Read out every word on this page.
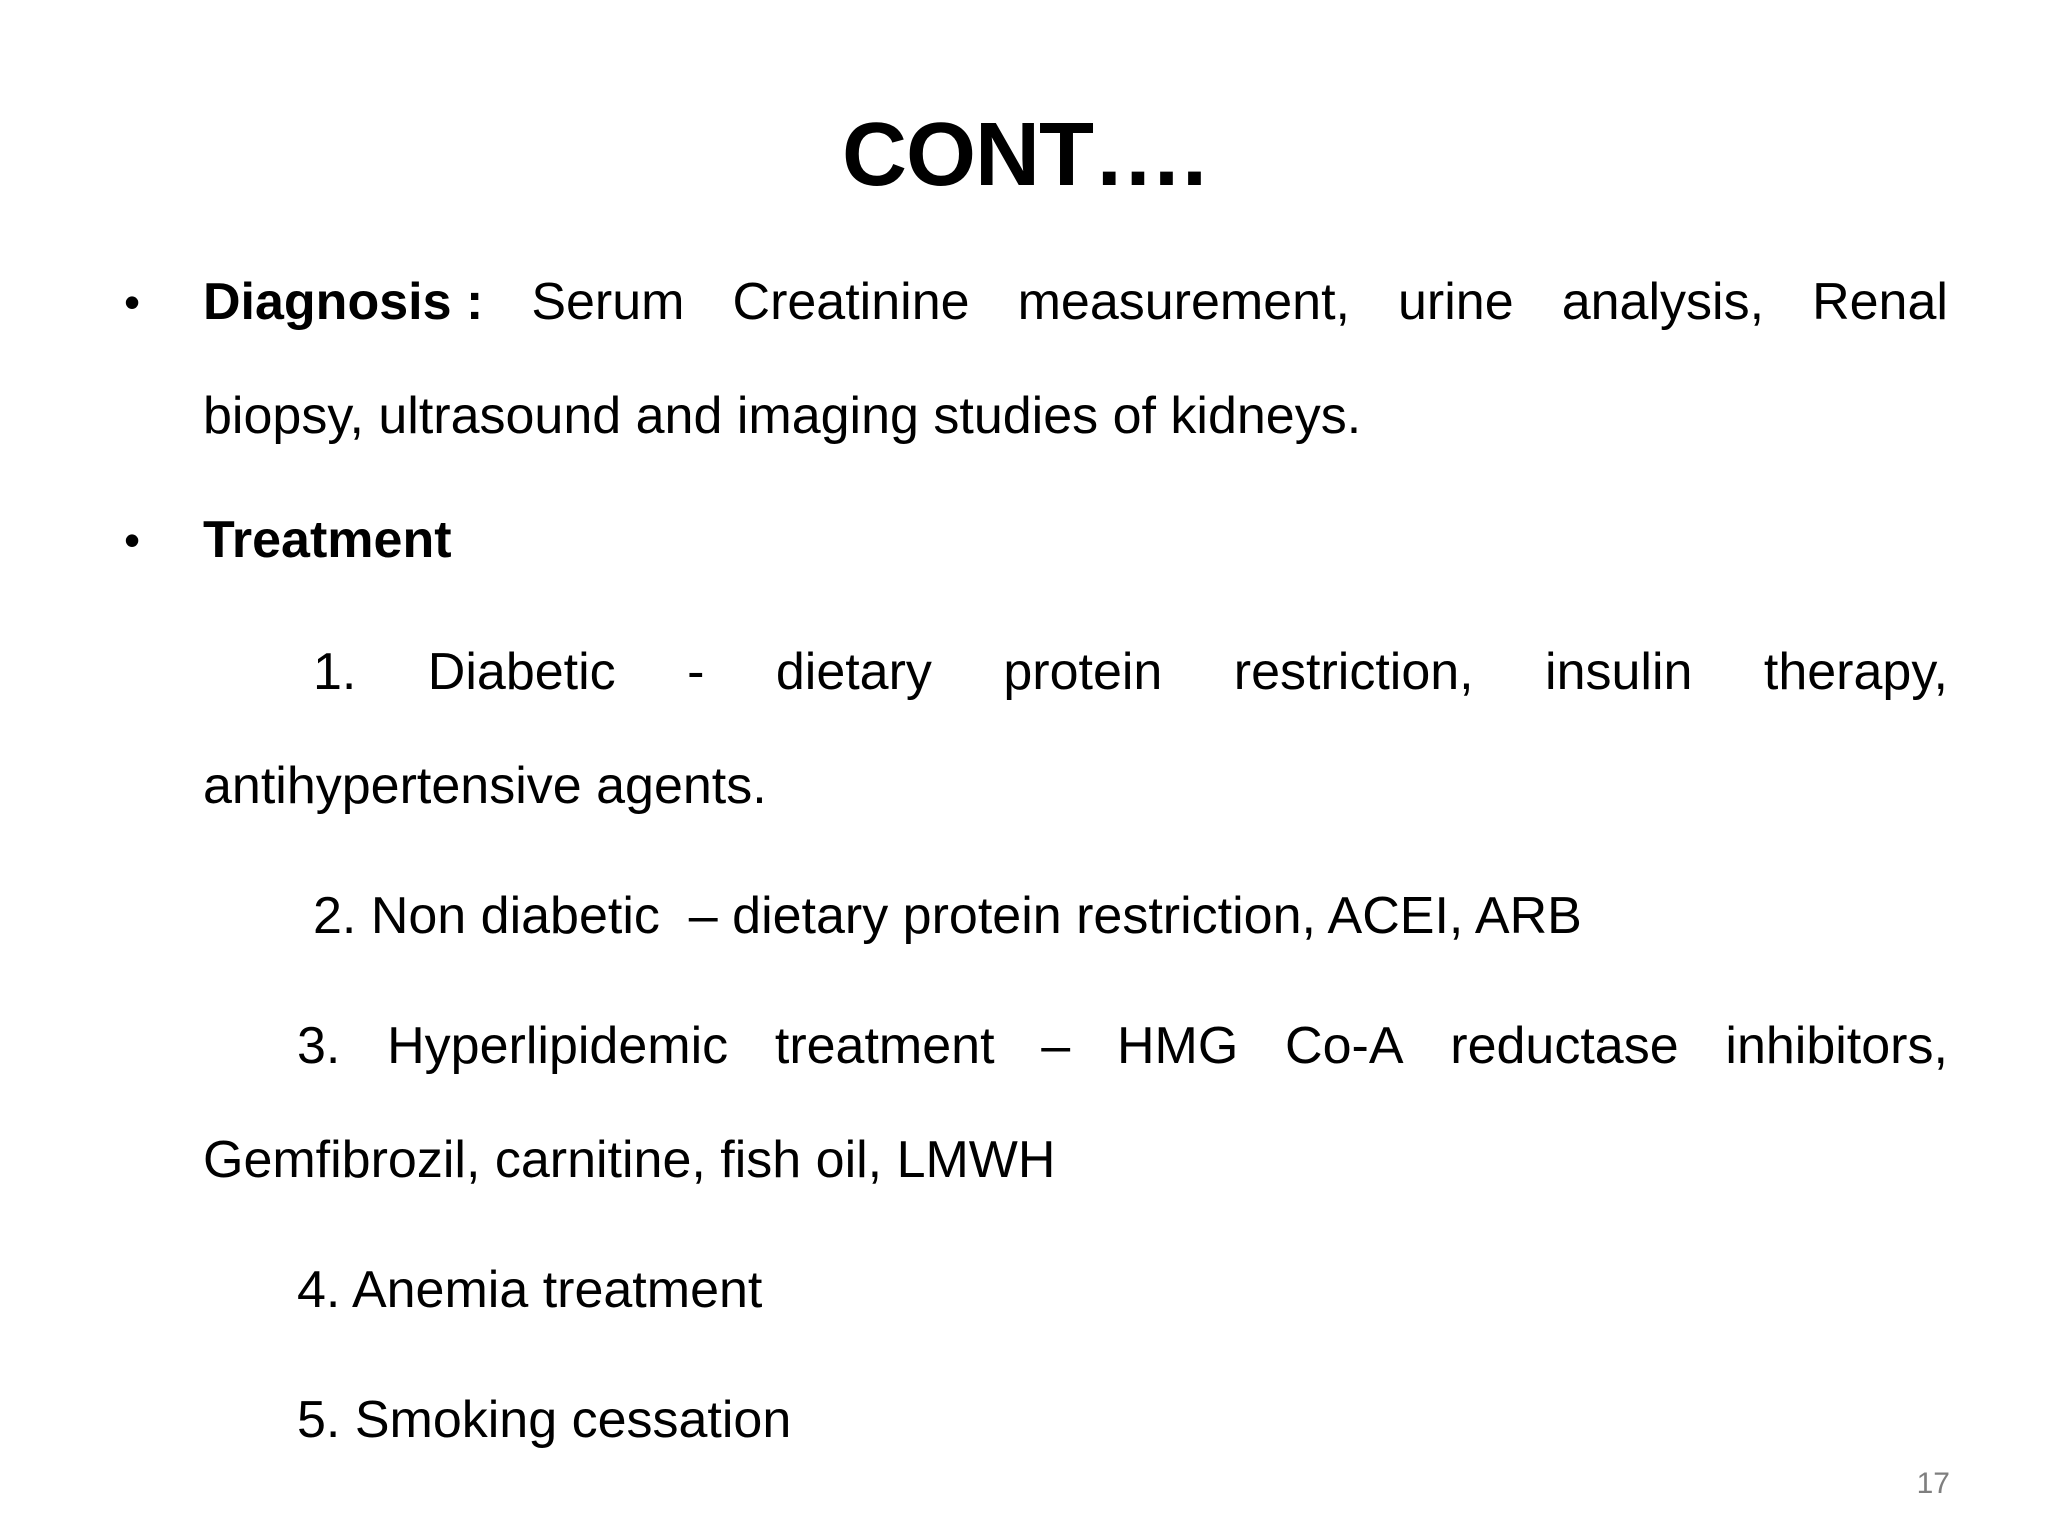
CONT….
• Diagnosis : Serum Creatinine measurement, urine analysis, Renal
biopsy, ultrasound and imaging studies of kidneys.
• Treatment
1. Diabetic - dietary protein restriction, insulin therapy,
antihypertensive agents.
2. Non diabetic  – dietary protein restriction, ACEI, ARB
3. Hyperlipidemic treatment – HMG Co-A reductase inhibitors,
Gemfibrozil, carnitine, fish oil, LMWH
4. Anemia treatment
5. Smoking cessation
17
